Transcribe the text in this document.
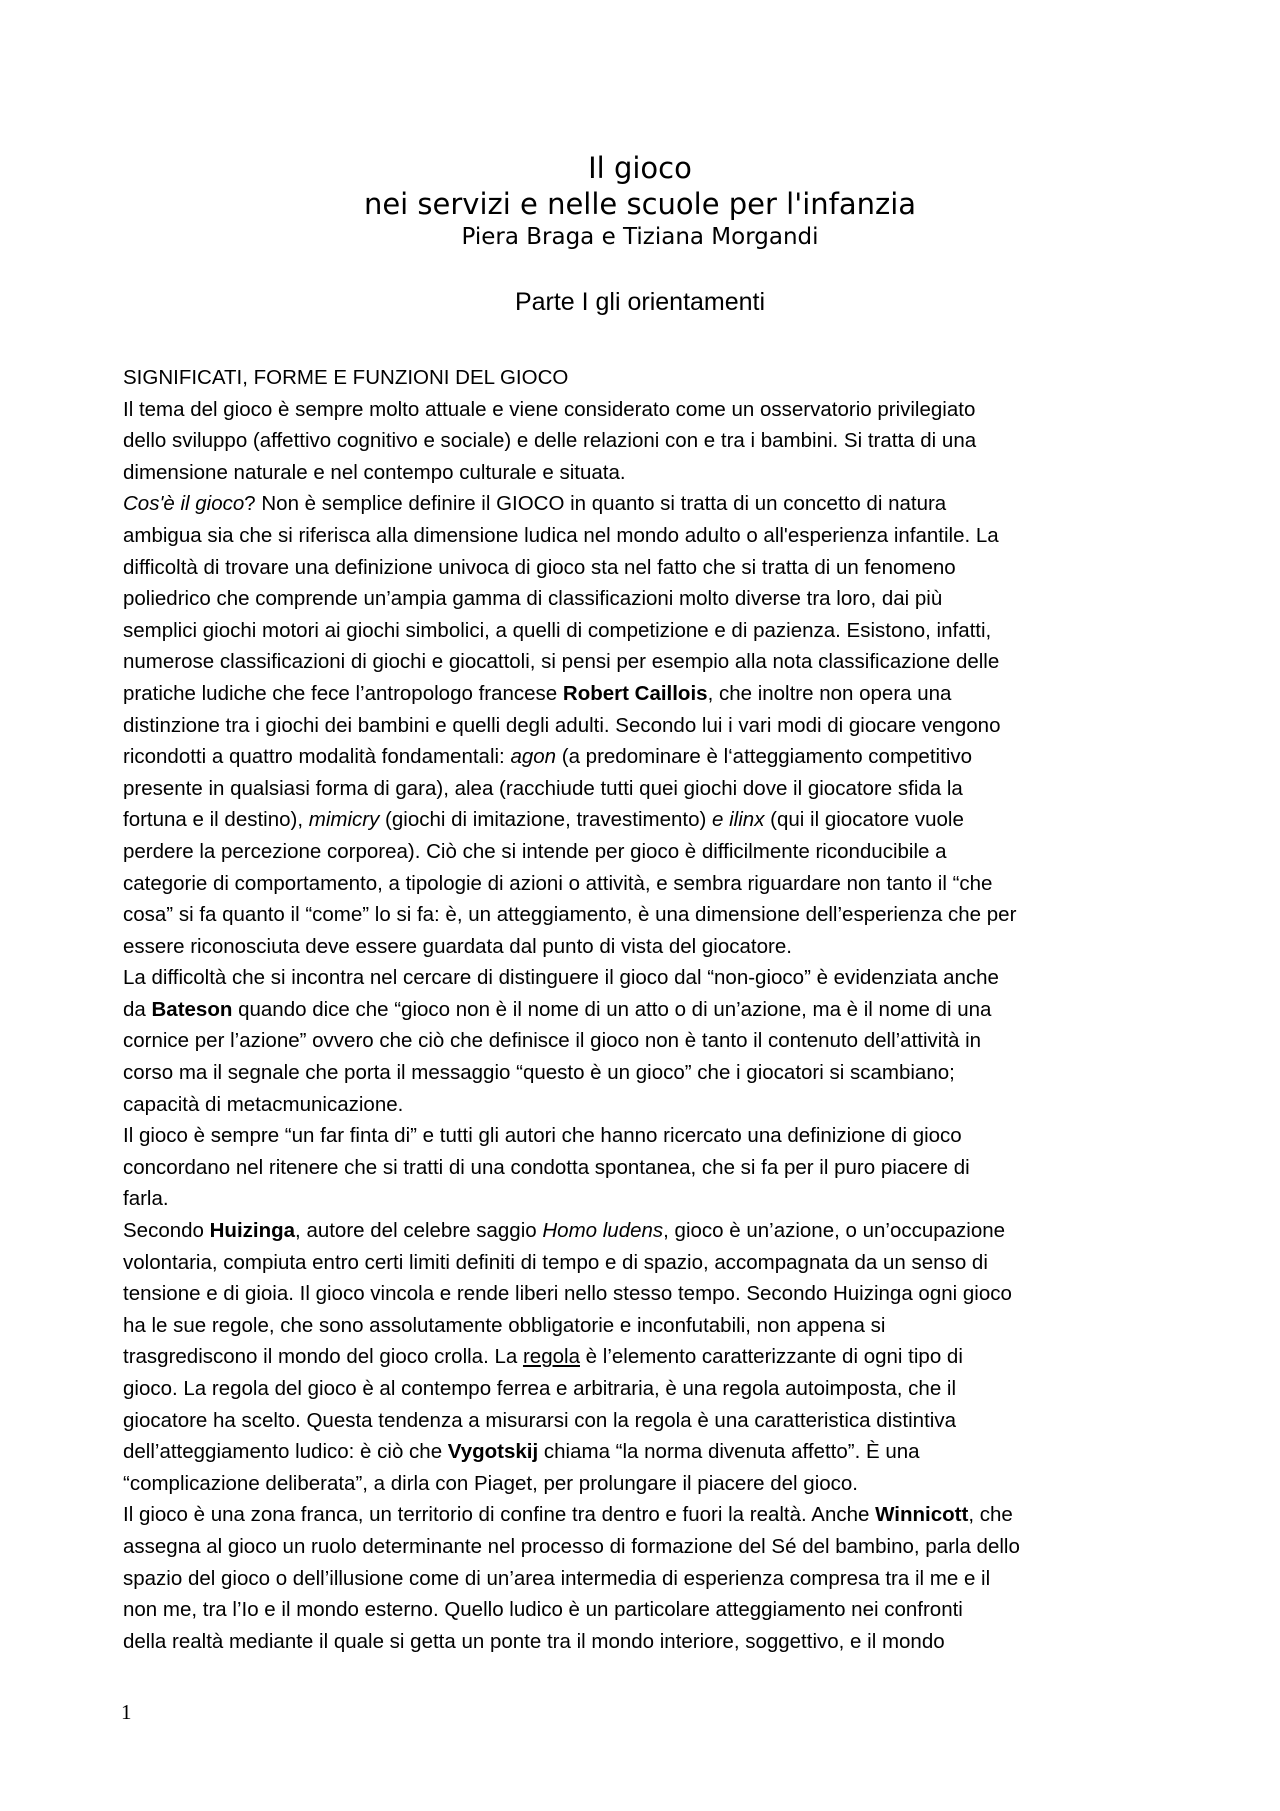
Il gioco
nei servizi e nelle scuole per l'infanzia
Piera Braga e Tiziana Morgandi
Parte I gli orientamenti
SIGNIFICATI, FORME E FUNZIONI DEL GIOCO
Il tema del gioco è sempre molto attuale e viene considerato come un osservatorio privilegiato
dello sviluppo (affettivo cognitivo e sociale) e delle relazioni con e tra i bambini. Si tratta di una
dimensione naturale e nel contempo culturale e situata.
Cos'è il gioco? Non è semplice definire il GIOCO in quanto si tratta di un concetto di natura
ambigua sia che si riferisca alla dimensione ludica nel mondo adulto o all'esperienza infantile. La
difficoltà di trovare una definizione univoca di gioco sta nel fatto che si tratta di un fenomeno
poliedrico che comprende un’ampia gamma di classificazioni molto diverse tra loro, dai più
semplici giochi motori ai giochi simbolici, a quelli di competizione e di pazienza. Esistono, infatti,
numerose classificazioni di giochi e giocattoli, si pensi per esempio alla nota classificazione delle
pratiche ludiche che fece l’antropologo francese Robert Caillois, che inoltre non opera una
distinzione tra i giochi dei bambini e quelli degli adulti. Secondo lui i vari modi di giocare vengono
ricondotti a quattro modalità fondamentali: agon (a predominare è l‘atteggiamento competitivo
presente in qualsiasi forma di gara), alea (racchiude tutti quei giochi dove il giocatore sfida la
fortuna e il destino), mimicry (giochi di imitazione, travestimento) e ilinx (qui il giocatore vuole
perdere la percezione corporea). Ciò che si intende per gioco è difficilmente riconducibile a
categorie di comportamento, a tipologie di azioni o attività, e sembra riguardare non tanto il “che
cosa” si fa quanto il “come” lo si fa: è, un atteggiamento, è una dimensione dell’esperienza che per
essere riconosciuta deve essere guardata dal punto di vista del giocatore.
La difficoltà che si incontra nel cercare di distinguere il gioco dal “non-gioco” è evidenziata anche
da Bateson quando dice che “gioco non è il nome di un atto o di un’azione, ma è il nome di una
cornice per l’azione” ovvero che ciò che definisce il gioco non è tanto il contenuto dell’attività in
corso ma il segnale che porta il messaggio “questo è un gioco” che i giocatori si scambiano;
capacità di metacmunicazione.
Il gioco è sempre “un far finta di” e tutti gli autori che hanno ricercato una definizione di gioco
concordano nel ritenere che si tratti di una condotta spontanea, che si fa per il puro piacere di
farla.
Secondo Huizinga, autore del celebre saggio Homo ludens, gioco è un’azione, o un’occupazione
volontaria, compiuta entro certi limiti definiti di tempo e di spazio, accompagnata da un senso di
tensione e di gioia. Il gioco vincola e rende liberi nello stesso tempo. Secondo Huizinga ogni gioco
ha le sue regole, che sono assolutamente obbligatorie e inconfutabili, non appena si
trasgrediscono il mondo del gioco crolla. La regola è l’elemento caratterizzante di ogni tipo di
gioco. La regola del gioco è al contempo ferrea e arbitraria, è una regola autoimposta, che il
giocatore ha scelto. Questa tendenza a misurarsi con la regola è una caratteristica distintiva
dell’atteggiamento ludico: è ciò che Vygotskij chiama “la norma divenuta affetto”. È una
“complicazione deliberata”, a dirla con Piaget, per prolungare il piacere del gioco.
Il gioco è una zona franca, un territorio di confine tra dentro e fuori la realtà. Anche Winnicott, che
assegna al gioco un ruolo determinante nel processo di formazione del Sé del bambino, parla dello
spazio del gioco o dell’illusione come di un’area intermedia di esperienza compresa tra il me e il
non me, tra l’Io e il mondo esterno. Quello ludico è un particolare atteggiamento nei confronti
della realtà mediante il quale si getta un ponte tra il mondo interiore, soggettivo, e il mondo
1
